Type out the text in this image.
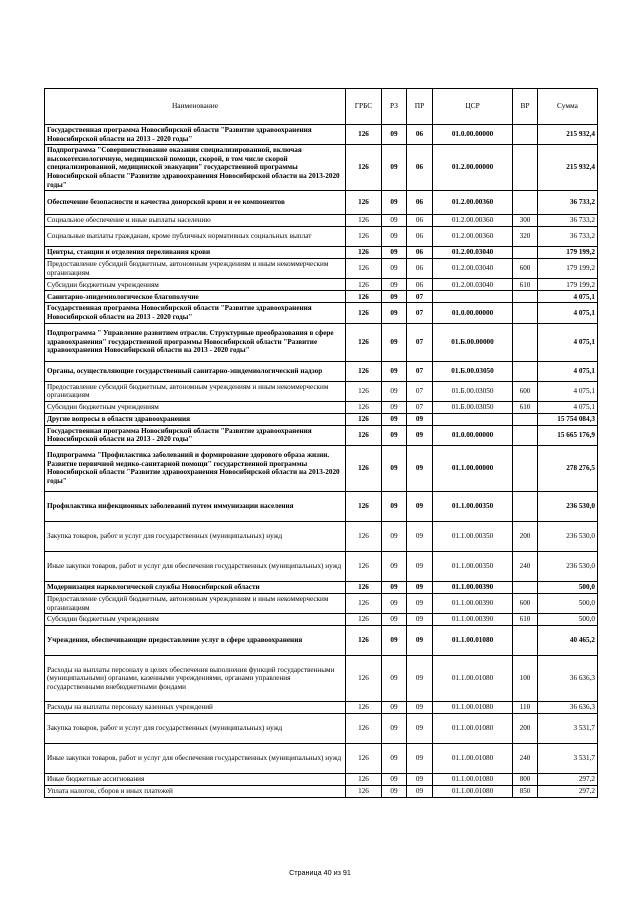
Наименование	ГРБС	РЗ	ПР	ЦСР	ВР	Сумма
Государственная программа Новосибирской области "Развитие здравоохранения Новосибирской области на 2013 - 2020 годы"	126	09	06	01.0.00.00000		215 932,4
Подпрограмма "Совершенствование оказания специализированной, включая высокотехнологичную, медицинской помощи, скорой, в том числе скорой специализированной, медицинской эвакуации" государственной программы Новосибирской области "Развитие здравоохранения Новосибирской области на 2013-2020 годы"	126	09	06	01.2.00.00000		215 932,4
Обеспечение безопасности и качества донорской крови и ее компонентов	126	09	06	01.2.00.00360		36 733,2
Социальное обеспечение и иные выплаты населению	126	09	06	01.2.00.00360	300	36 733,2
Социальные выплаты гражданам, кроме публичных нормативных социальных выплат	126	09	06	01.2.00.00360	320	36 733,2
Центры, станции и отделения переливания крови	126	09	06	01.2.00.03040		179 199,2
Предоставление субсидий бюджетным, автономным учреждениям и иным некоммерческим организациям	126	09	06	01.2.00.03040	600	179 199,2
Субсидии бюджетным учреждениям	126	09	06	01.2.00.03040	610	179 199,2
Санитарно-эпидемиологическое благополучие	126	09	07			4 075,1
Государственная программа Новосибирской области "Развитие здравоохранения Новосибирской области на 2013 - 2020 годы"	126	09	07	01.0.00.00000		4 075,1
Подпрограмма " Управление развитием отрасли. Структурные преобразования в сфере здравоохранения" государственной программы Новосибирской области "Развитие здравоохранения Новосибирской области на 2013 - 2020 годы"	126	09	07	01.Б.00.00000		4 075,1
Органы, осуществляющие государственный санитарно-эпидемиологический надзор	126	09	07	01.Б.00.03050		4 075,1
Предоставление субсидий бюджетным, автономным учреждениям и иным некоммерческим организациям	126	09	07	01.Б.00.03050	600	4 075,1
Субсидии бюджетным учреждениям	126	09	07	01.Б.00.03050	610	4 075,1
Другие вопросы в области здравоохранения	126	09	09			15 754 084,3
Государственная программа Новосибирской области "Развитие здравоохранения Новосибирской области на 2013 - 2020 годы"	126	09	09	01.0.00.00000		15 665 176,9
Подпрограмма "Профилактика заболеваний и формирование здорового образа жизни. Развитие первичной медико-санитарной помощи" государственной программы Новосибирской области "Развитие здравоохранения Новосибирской области на 2013-2020 годы"	126	09	09	01.1.00.00000		278 276,5
Профилактика инфекционных заболеваний путем иммунизации населения	126	09	09	01.1.00.00350		236 530,0
Закупка товаров, работ и услуг для государственных (муниципальных) нужд	126	09	09	01.1.00.00350	200	236 530,0
Иные закупки товаров, работ и услуг для обеспечения государственных (муниципальных) нужд	126	09	09	01.1.00.00350	240	236 530,0
Модернизация наркологической службы Новосибирской области	126	09	09	01.1.00.00390		500,0
Предоставление субсидий бюджетным, автономным учреждениям и иным некоммерческим организациям	126	09	09	01.1.00.00390	600	500,0
Субсидии бюджетным учреждениям	126	09	09	01.1.00.00390	610	500,0
Учреждения, обеспечивающие предоставление услуг в сфере здравоохранения	126	09	09	01.1.00.01080		40 465,2
Расходы на выплаты персоналу в целях обеспечения выполнения функций государственными (муниципальными) органами, казенными учреждениями, органами управления государственными внебюджетными фондами	126	09	09	01.1.00.01080	100	36 636,3
Расходы на выплаты персоналу казенных учреждений	126	09	09	01.1.00.01080	110	36 636,3
Закупка товаров, работ и услуг для государственных (муниципальных) нужд	126	09	09	01.1.00.01080	200	3 531,7
Иные закупки товаров, работ и услуг для обеспечения государственных (муниципальных) нужд	126	09	09	01.1.00.01080	240	3 531,7
Иные бюджетные ассигнования	126	09	09	01.1.00.01080	800	297,2
Уплата налогов, сборов и иных платежей	126	09	09	01.1.00.01080	850	297,2
Страница 40 из 91
